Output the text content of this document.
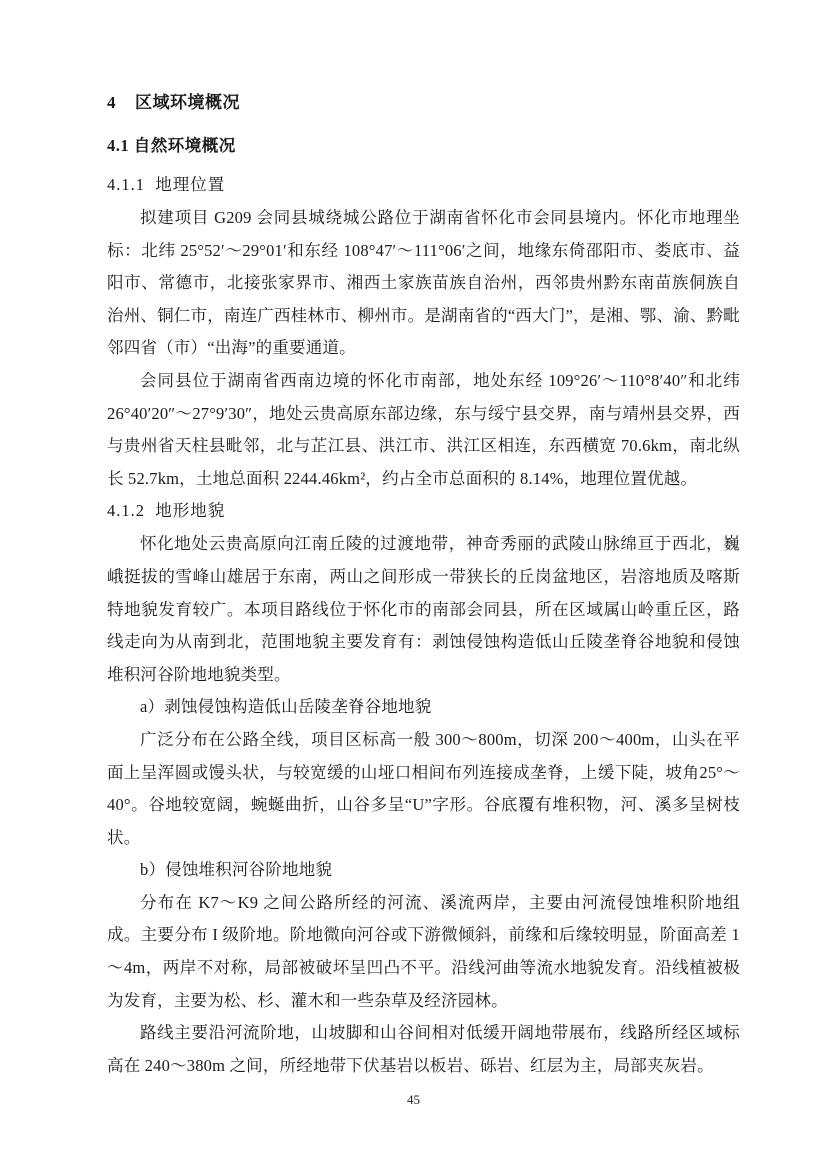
4    区域环境概况
4.1 自然环境概况
4.1.1  地理位置

拟建项目 G209 会同县城绕城公路位于湖南省怀化市会同县境内。怀化市地理坐标：北纬 25°52′～29°01′和东经 108°47′～111°06′之间，地缘东倚邵阳市、娄底市、益阳市、常德市，北接张家界市、湘西土家族苗族自治州，西邻贵州黔东南苗族侗族自治州、铜仁市，南连广西桂林市、柳州市。是湖南省的“西大门”，是湘、鄂、渝、黔毗邻四省（市）“出海”的重要通道。

会同县位于湖南省西南边境的怀化市南部，地处东经 109°26′～110°8′40″和北纬 26°40′20″～27°9′30″，地处云贵高原东部边缘，东与绥宁县交界，南与靖州县交界，西与贵州省天柱县毗邻，北与芷江县、洪江市、洪江区相连，东西横宽 70.6km，南北纵长 52.7km，土地总面积 2244.46km²，约占全市总面积的 8.14%，地理位置优越。

4.1.2  地形地貌

怀化地处云贵高原向江南丘陵的过渡地带，神奇秀丽的武陵山脉绵亘于西北，巍峨挺拔的雪峰山雄居于东南，两山之间形成一带狭长的丘岗盆地区，岩溶地质及喀斯特地貌发育较广。本项目路线位于怀化市的南部会同县，所在区域属山岭重丘区，路线走向为从南到北，范围地貌主要发育有：剥蚀侵蚀构造低山丘陵垄脊谷地貌和侵蚀堆积河谷阶地地貌类型。

a）剥蚀侵蚀构造低山岳陵垄脊谷地地貌

广泛分布在公路全线，项目区标高一般 300～800m，切深 200～400m，山头在平面上呈浑圆或馒头状，与较宽缓的山垭口相间布列连接成垄脊，上缓下陡，坡角25°～40°。谷地较宽阔，蜿蜒曲折，山谷多呈“U”字形。谷底覆有堆积物，河、溪多呈树枝状。

b）侵蚀堆积河谷阶地地貌

分布在 K7～K9 之间公路所经的河流、溪流两岸，主要由河流侵蚀堆积阶地组成。主要分布 I 级阶地。阶地微向河谷或下游微倾斜，前缘和后缘较明显，阶面高差 1～4m，两岸不对称，局部被破坏呈凹凸不平。沿线河曲等流水地貌发育。沿线植被极为发育，主要为松、杉、灌木和一些杂草及经济园林。

路线主要沿河流阶地，山坡脚和山谷间相对低缓开阔地带展布，线路所经区域标高在 240～380m 之间，所经地带下伏基岩以板岩、砾岩、红层为主，局部夹灰岩。

45
